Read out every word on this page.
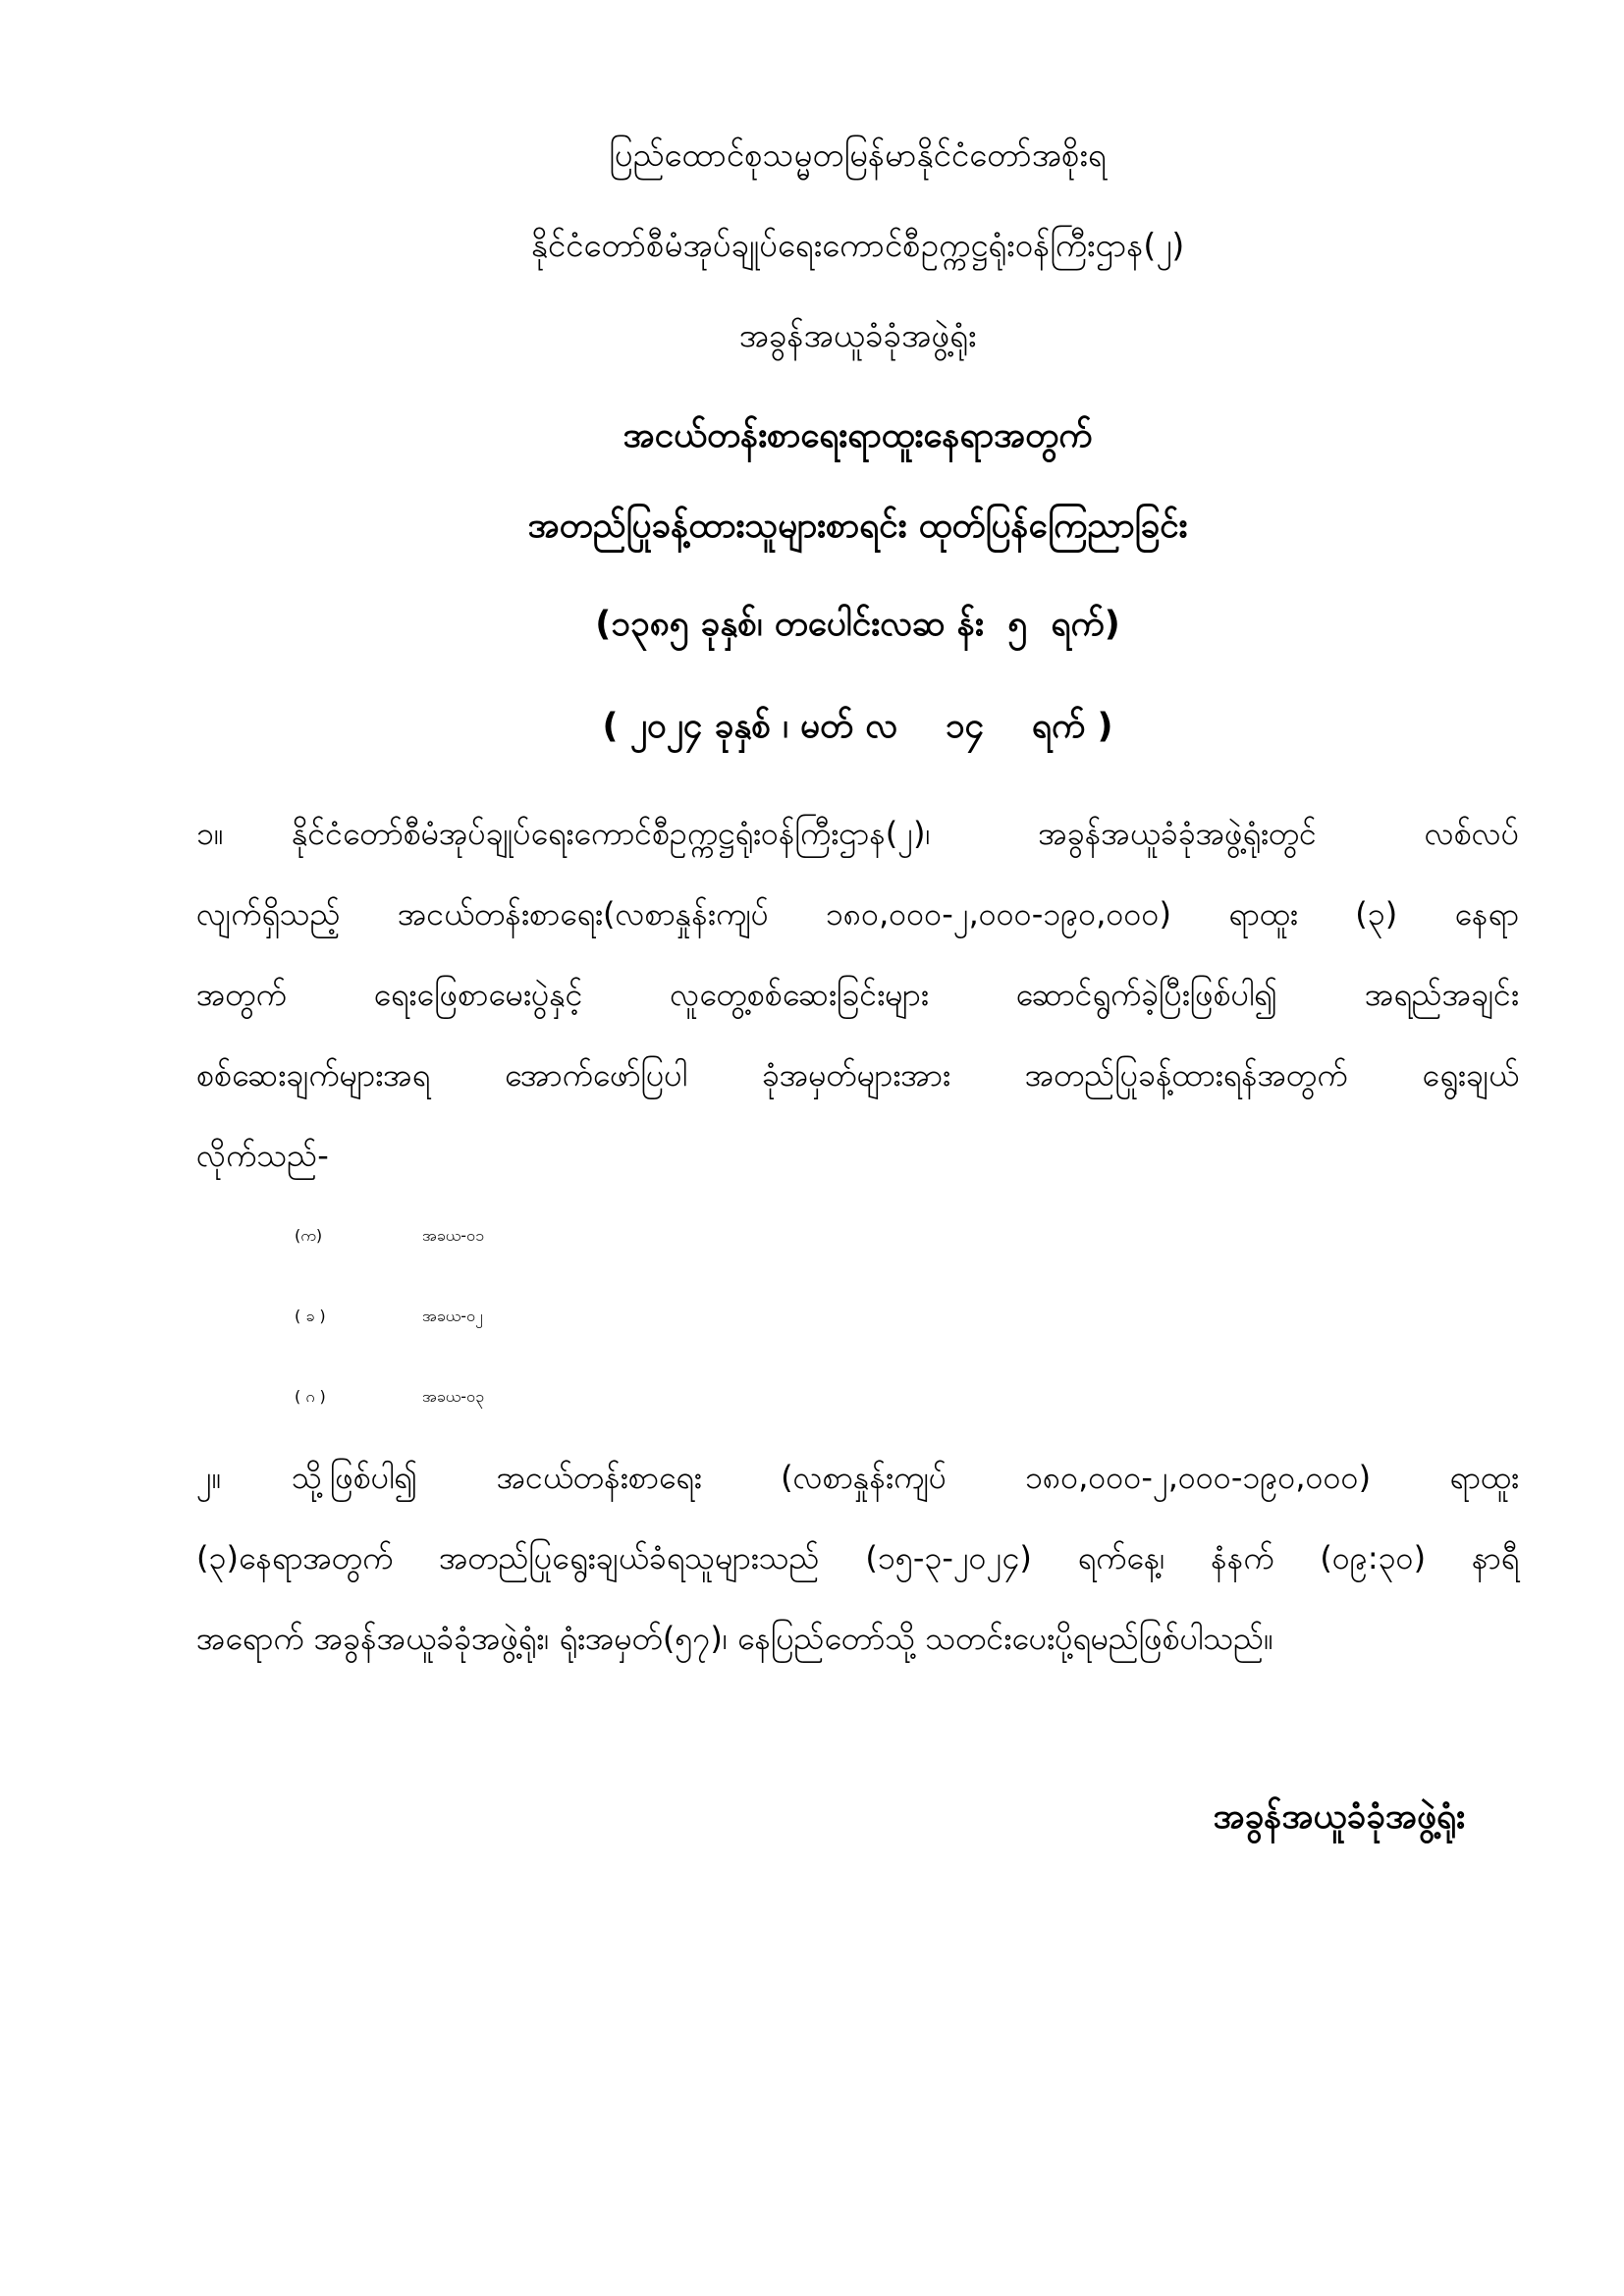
ပြည်ထောင်စုသမ္မတမြန်မာနိုင်ငံတော်အစိုးရ
နိုင်ငံတော်စီမံအုပ်ချုပ်ရေးကောင်စီဥက္ကဋ္ဌရုံးဝန်ကြီးဌာန(၂)
အခွန်အယူခံခုံအဖွဲ့ရုံး
အငယ်တန်းစာရေးရာထူးနေရာအတွက်
အတည်ပြုခန့်ထားသူများစာရင်း ထုတ်ပြန်ကြေညာခြင်း
(၁၃၈၅ ခုနှစ်၊ တပေါင်းလဆ န်း  ၅  ရက်)
( ၂၀၂၄ ခုနှစ် ၊ မတ် လ    ၁၄    ရက် )
၁။ နိုင်ငံတော်စီမံအုပ်ချုပ်ရေးကောင်စီဥက္ကဋ္ဌရုံးဝန်ကြီးဌာန(၂)၊ အခွန်အယူခံခုံအဖွဲ့ရုံးတွင် လစ်လပ်
လျက်ရှိသည့် အငယ်တန်းစာရေး(လစာနှုန်းကျပ် ၁၈၀,၀၀၀-၂,၀၀၀-၁၉၀,၀၀၀) ရာထူး (၃) နေရာ
အတွက် ရေးဖြေစာမေးပွဲနှင့် လူတွေ့စစ်ဆေးခြင်းများ ဆောင်ရွက်ခဲ့ပြီးဖြစ်ပါ၍ အရည်အချင်း
စစ်ဆေးချက်များအရ အောက်ဖော်ပြပါ ခုံအမှတ်များအား အတည်ပြုခန့်ထားရန်အတွက် ရွေးချယ်
လိုက်သည်-
(က)	အခယ-၀၁
( ခ )	အခယ-၀၂
( ဂ )	အခယ-၀၃
၂။ သို့ဖြစ်ပါ၍ အငယ်တန်းစာရေး (လစာနှုန်းကျပ် ၁၈၀,၀၀၀-၂,၀၀၀-၁၉၀,၀၀၀) ရာထူး
(၃)နေရာအတွက် အတည်ပြုရွေးချယ်ခံရသူများသည် (၁၅-၃-၂၀၂၄) ရက်နေ့၊ နံနက် (၀၉:၃၀) နာရီ
အရောက် အခွန်အယူခံခုံအဖွဲ့ရုံး၊ ရုံးအမှတ်(၅၇)၊ နေပြည်တော်သို့ သတင်းပေးပို့ရမည်ဖြစ်ပါသည်။
အခွန်အယူခံခုံအဖွဲ့ရုံး
